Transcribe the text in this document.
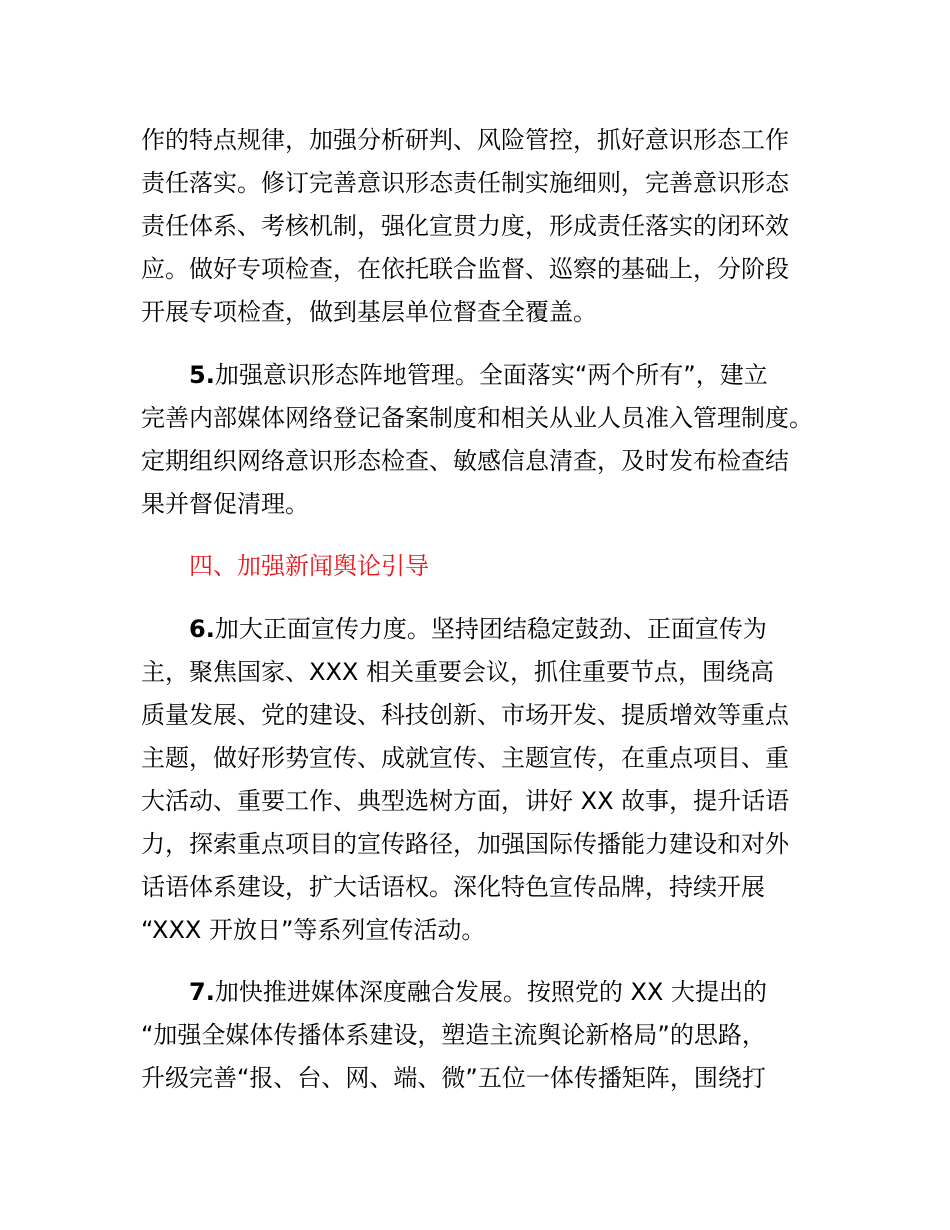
作的特点规律，加强分析研判、风险管控，抓好意识形态工作
责任落实。修订完善意识形态责任制实施细则，完善意识形态
责任体系、考核机制，强化宣贯力度，形成责任落实的闭环效
应。做好专项检查，在依托联合监督、巡察的基础上，分阶段
开展专项检查，做到基层单位督查全覆盖。
5.加强意识形态阵地管理。全面落实“两个所有”，建立
完善内部媒体网络登记备案制度和相关从业人员准入管理制度。
定期组织网络意识形态检查、敏感信息清查，及时发布检查结
果并督促清理。
四、加强新闻舆论引导
6.加大正面宣传力度。坚持团结稳定鼓劲、正面宣传为
主，聚焦国家、XXX 相关重要会议，抓住重要节点，围绕高
质量发展、党的建设、科技创新、市场开发、提质增效等重点
主题，做好形势宣传、成就宣传、主题宣传，在重点项目、重
大活动、重要工作、典型选树方面，讲好 XX 故事，提升话语
力，探索重点项目的宣传路径，加强国际传播能力建设和对外
话语体系建设，扩大话语权。深化特色宣传品牌，持续开展
“XXX 开放日”等系列宣传活动。
7.加快推进媒体深度融合发展。按照党的 XX 大提出的
“加强全媒体传播体系建设，塑造主流舆论新格局”的思路，
升级完善“报、台、网、端、微”五位一体传播矩阵，围绕打
